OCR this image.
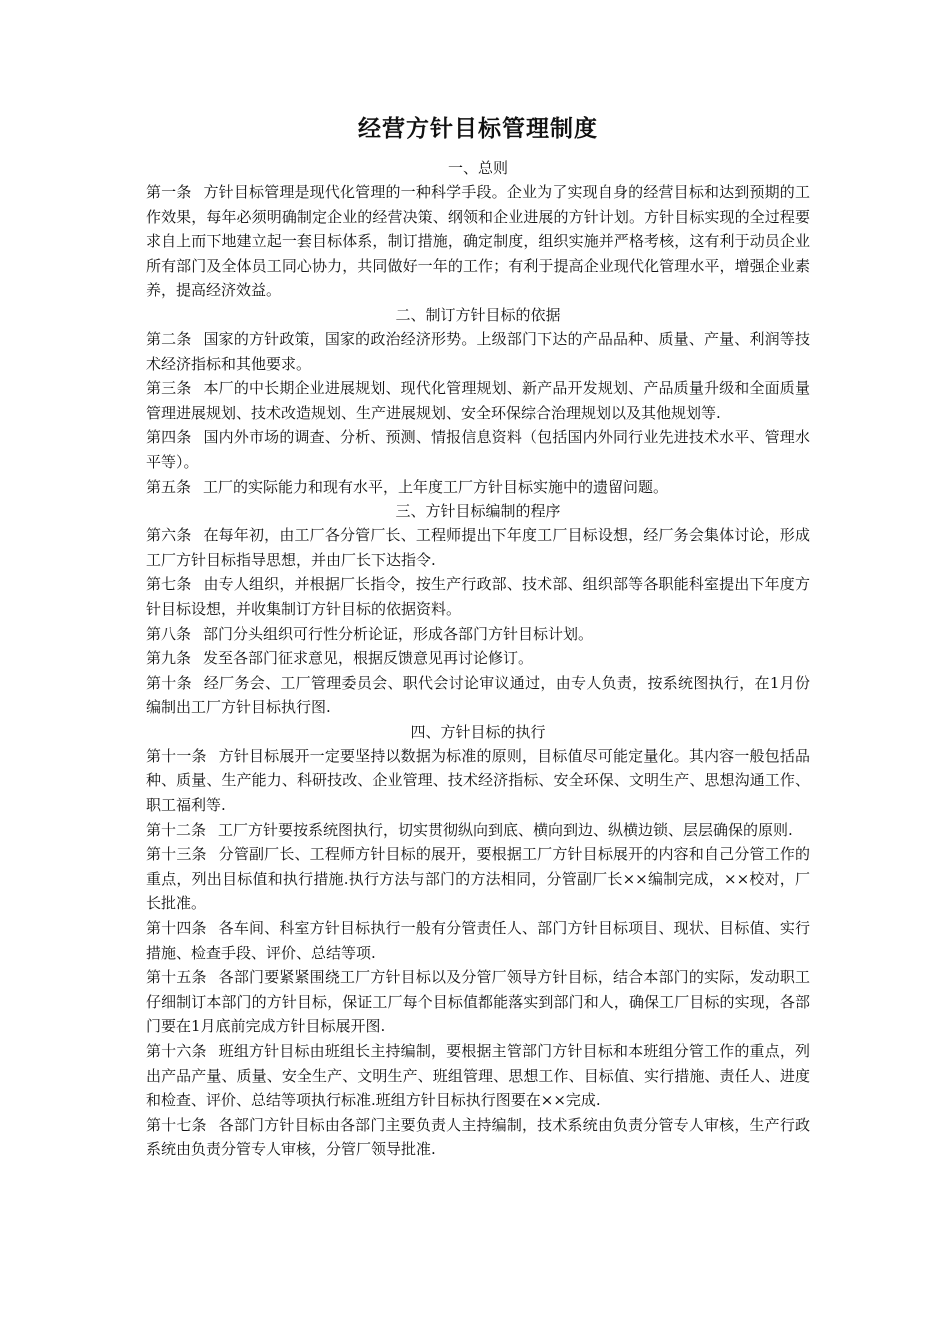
经营方针目标管理制度

一、总则

第一条 方针目标管理是现代化管理的一种科学手段。企业为了实现自身的经营目标和达到预期的工作效果，每年必须明确制定企业的经营决策、纲领和企业进展的方针计划。方针目标实现的全过程要求自上而下地建立起一套目标体系，制订措施，确定制度，组织实施并严格考核，这有利于动员企业所有部门及全体员工同心协力，共同做好一年的工作；有利于提高企业现代化管理水平，增强企业素养，提高经济效益。

二、制订方针目标的依据

第二条 国家的方针政策，国家的政治经济形势。上级部门下达的产品品种、质量、产量、利润等技术经济指标和其他要求。

第三条 本厂的中长期企业进展规划、现代化管理规划、新产品开发规划、产品质量升级和全面质量管理进展规划、技术改造规划、生产进展规划、安全环保综合治理规划以及其他规划等.

第四条 国内外市场的调查、分析、预测、情报信息资料（包括国内外同行业先进技术水平、管理水平等）。

第五条 工厂的实际能力和现有水平，上年度工厂方针目标实施中的遗留问题。

三、方针目标编制的程序

第六条 在每年初，由工厂各分管厂长、工程师提出下年度工厂目标设想，经厂务会集体讨论，形成工厂方针目标指导思想，并由厂长下达指令.

第七条 由专人组织，并根据厂长指令，按生产行政部、技术部、组织部等各职能科室提出下年度方针目标设想，并收集制订方针目标的依据资料。

第八条 部门分头组织可行性分析论证，形成各部门方针目标计划。

第九条 发至各部门征求意见，根据反馈意见再讨论修订。

第十条 经厂务会、工厂管理委员会、职代会讨论审议通过，由专人负责，按系统图执行，在1月份编制出工厂方针目标执行图.

四、方针目标的执行

第十一条 方针目标展开一定要坚持以数据为标准的原则，目标值尽可能定量化。其内容一般包括品种、质量、生产能力、科研技改、企业管理、技术经济指标、安全环保、文明生产、思想沟通工作、职工福利等.

第十二条 工厂方针要按系统图执行，切实贯彻纵向到底、横向到边、纵横边锁、层层确保的原则.

第十三条 分管副厂长、工程师方针目标的展开，要根据工厂方针目标展开的内容和自己分管工作的重点，列出目标值和执行措施.执行方法与部门的方法相同，分管副厂长××编制完成，××校对，厂长批准。

第十四条 各车间、科室方针目标执行一般有分管责任人、部门方针目标项目、现状、目标值、实行措施、检查手段、评价、总结等项.

第十五条 各部门要紧紧围绕工厂方针目标以及分管厂领导方针目标，结合本部门的实际，发动职工仔细制订本部门的方针目标，保证工厂每个目标值都能落实到部门和人，确保工厂目标的实现，各部门要在1月底前完成方针目标展开图.

第十六条 班组方针目标由班组长主持编制，要根据主管部门方针目标和本班组分管工作的重点，列出产品产量、质量、安全生产、文明生产、班组管理、思想工作、目标值、实行措施、责任人、进度和检查、评价、总结等项执行标准.班组方针目标执行图要在××完成.

第十七条 各部门方针目标由各部门主要负责人主持编制，技术系统由负责分管专人审核，生产行政系统由负责分管专人审核，分管厂领导批准.
